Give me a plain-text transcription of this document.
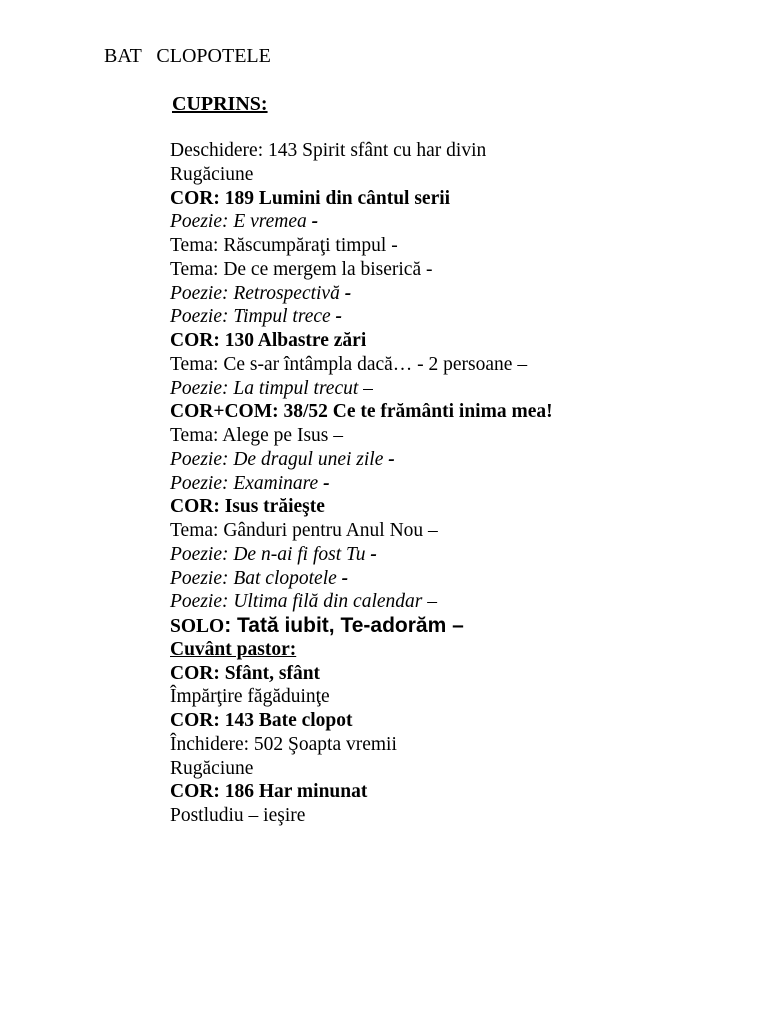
BAT   CLOPOTELE
CUPRINS:
Deschidere: 143 Spirit sfânt cu har divin
Rugăciune
COR: 189 Lumini din cântul serii
Poezie: E vremea -
Tema: Răscumpăraţi timpul -
Tema: De ce mergem la biserică -
Poezie: Retrospectivă -
Poezie: Timpul trece -
COR: 130 Albastre zări
Tema: Ce s-ar întâmpla dacă… - 2 persoane –
Poezie: La timpul trecut –
COR+COM: 38/52 Ce te frământi inima mea!
Tema: Alege pe Isus –
Poezie: De dragul unei zile -
Poezie: Examinare -
COR: Isus trăieşte
Tema: Gânduri pentru Anul Nou –
Poezie: De n-ai fi fost Tu -
Poezie: Bat clopotele -
Poezie: Ultima filă din calendar –
SOLO: Tată iubit, Te-adorăm –
Cuvânt pastor:
COR: Sfânt, sfânt
Împărţire făgăduinţe
COR: 143 Bate clopot
Închidere: 502 Şoapta vremii
Rugăciune
COR: 186 Har minunat
Postludiu – ieşire
